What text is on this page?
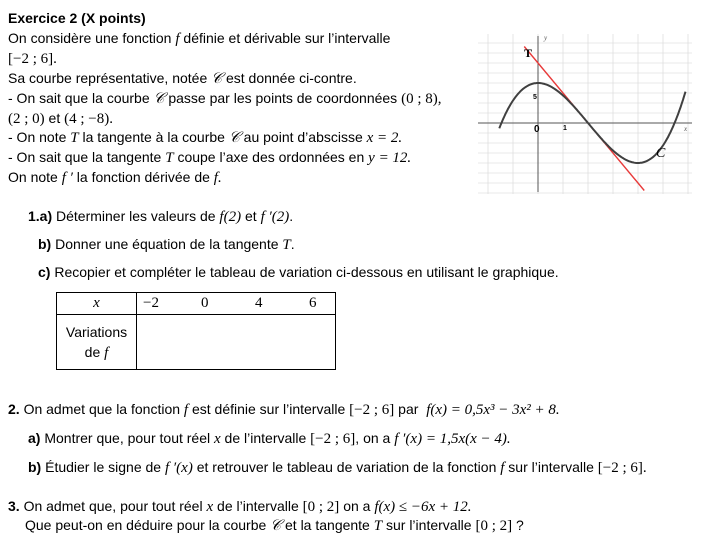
Exercice 2 (X points)
On considère une fonction f définie et dérivable sur l’intervalle
[−2 ; 6].
Sa courbe représentative, notée 𝒞 est donnée ci-contre.
- On sait que la courbe 𝒞 passe par les points de coordonnées (0 ; 8),
(2 ; 0) et (4 ; −8).
- On note T la tangente à la courbe 𝒞 au point d’abscisse x = 2.
- On sait que la tangente T coupe l’axe des ordonnées en y = 12.
On note f ′ la fonction dérivée de f.
T
y
x
C
5
0	1
1.a) Déterminer les valeurs de f(2) et f ′(2).
b) Donner une équation de la tangente T.
c) Recopier et compléter le tableau de variation ci-dessous en utilisant le graphique.
x	−2 0 4 6

Variations
de f	
2. On admet que la fonction f est définie sur l’intervalle [−2 ; 6] par  f(x) = 0,5x³ − 3x² + 8.
a) Montrer que, pour tout réel x de l’intervalle [−2 ; 6], on a f ′(x) = 1,5x(x − 4).
b) Étudier le signe de f ′(x) et retrouver le tableau de variation de la fonction f sur l’intervalle [−2 ; 6].
3. On admet que, pour tout réel x de l’intervalle [0 ; 2] on a f(x) ≤ −6x + 12.
Que peut-on en déduire pour la courbe 𝒞 et la tangente T sur l’intervalle [0 ; 2] ?
